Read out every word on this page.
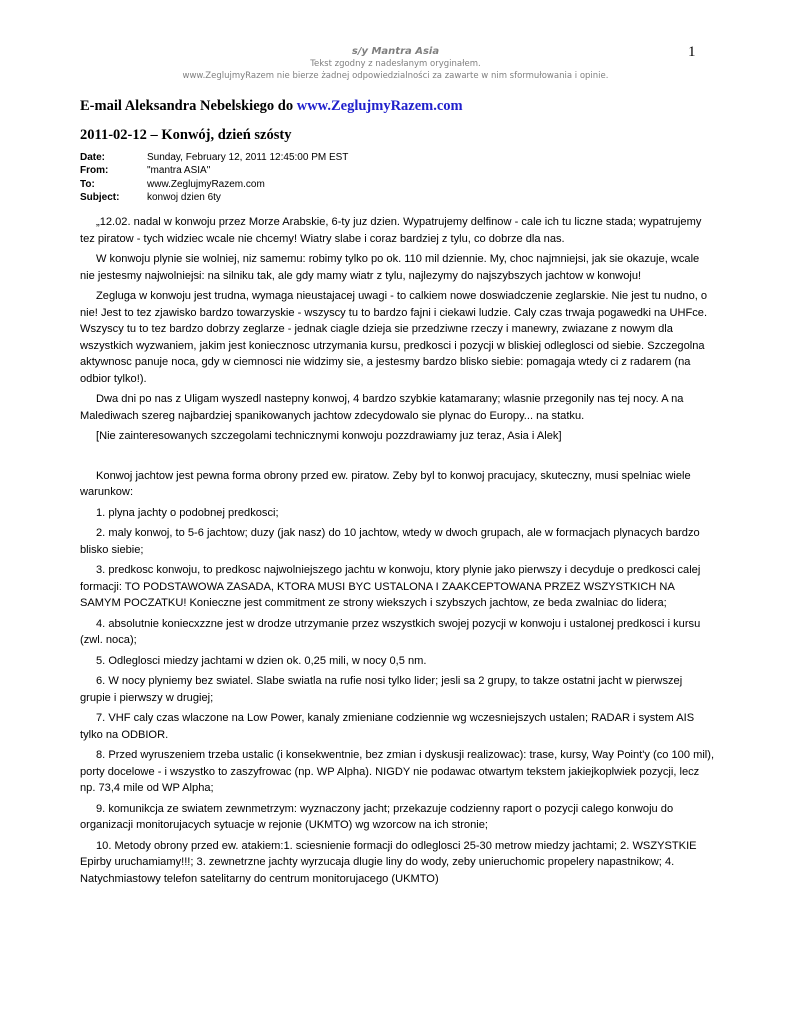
s/y Mantra Asia
Tekst zgodny z nadesłanym oryginałem.
www.ZeglujmyRazem nie bierze żadnej odpowiedzialności za zawarte w nim sformułowania i opinie.
1
E-mail Aleksandra Nebelskiego do www.ZeglujmyRazem.com
2011-02-12 – Konwój, dzień szósty
Date:	Sunday, February 12, 2011 12:45:00 PM EST
From:	"mantra ASIA"
To:	www.ZeglujmyRazem.com
Subject:	konwoj dzien 6ty

„12.02. nadal w konwoju przez Morze Arabskie, 6-ty juz dzien. Wypatrujemy delfinow - cale ich tu liczne stada; wypatrujemy tez piratow - tych widziec wcale nie chcemy! Wiatry slabe i coraz bardziej z tylu, co dobrze dla nas.

W konwoju plynie sie wolniej, niz samemu: robimy tylko po ok. 110 mil dziennie. My, choc najmniejsi, jak sie okazuje, wcale nie jestesmy najwolniejsi: na silniku tak, ale gdy mamy wiatr z tylu, najlezymy do najszybszych jachtow w konwoju!

Zegluga w konwoju jest trudna, wymaga nieustajacej uwagi - to calkiem nowe doswiadczenie zeglarskie. Nie jest tu nudno, o nie! Jest to tez zjawisko bardzo towarzyskie - wszyscy tu to bardzo fajni i ciekawi ludzie. Caly czas trwaja pogawedki na UHFce. Wszyscy tu to tez bardzo dobrzy zeglarze - jednak ciagle dzieja sie przedziwne rzeczy i manewry, zwiazane z nowym dla wszystkich wyzwaniem, jakim jest koniecznosc utrzymania kursu, predkosci i pozycji w bliskiej odleglosci od siebie. Szczegolna aktywnosc panuje noca, gdy w ciemnosci nie widzimy sie, a jestesmy bardzo blisko siebie: pomagaja wtedy ci z radarem (na odbior tylko!).

Dwa dni po nas z Uligam wyszedl nastepny konwoj, 4 bardzo szybkie katamarany; wlasnie przegonily nas tej nocy. A na Malediwach szereg najbardziej spanikowanych jachtow zdecydowalo sie plynac do Europy... na statku.

[Nie zainteresowanych szczegolami technicznymi konwoju pozzdrawiamy juz teraz, Asia i Alek]

Konwoj jachtow jest pewna forma obrony przed ew. piratow. Zeby byl to konwoj pracujacy, skuteczny, musi spelniac wiele warunkow:

1. plyna jachty o podobnej predkosci;

2. maly konwoj, to 5-6 jachtow; duzy (jak nasz) do 10 jachtow, wtedy w dwoch grupach, ale w formacjach plynacych bardzo blisko siebie;

3. predkosc konwoju, to predkosc najwolniejszego jachtu w konwoju, ktory plynie jako pierwszy i decyduje o predkosci calej formacji: TO PODSTAWOWA ZASADA, KTORA MUSI BYC USTALONA I ZAAKCEPTOWANA PRZEZ WSZYSTKICH NA SAMYM POCZATKU! Konieczne jest commitment ze strony wiekszych i szybszych jachtow, ze beda zwalniac do lidera;

4. absolutnie koniecxzzne jest w drodze utrzymanie przez wszystkich swojej pozycji w konwoju i ustalonej predkosci i kursu (zwl. noca);

5. Odleglosci miedzy jachtami w dzien ok. 0,25 mili, w nocy 0,5 nm.

6. W nocy plyniemy bez swiatel. Slabe swiatla na rufie nosi tylko lider; jesli sa 2 grupy, to takze ostatni jacht w pierwszej grupie i pierwszy w drugiej;

7. VHF caly czas wlaczone na Low Power, kanaly zmieniane codziennie wg wczesniejszych ustalen; RADAR i system AIS tylko na ODBIOR.

8. Przed wyruszeniem trzeba ustalic (i konsekwentnie, bez zmian i dyskusji realizowac): trase, kursy, Way Point'y (co 100 mil), porty docelowe - i wszystko to zaszyfrowac (np. WP Alpha). NIGDY nie podawac otwartym tekstem jakiejkoplwiek pozycji, lecz np. 73,4 mile od WP Alpha;

9. komunikcja ze swiatem zewnmetrzym: wyznaczony jacht; przekazuje codzienny raport o pozycji calego konwoju do organizacji monitorujacych sytuacje w rejonie (UKMTO) wg wzorcow na ich stronie;

10. Metody obrony przed ew. atakiem:1. sciesnienie formacji do odleglosci 25-30 metrow miedzy jachtami; 2. WSZYSTKIE Epirby uruchamiamy!!!; 3. zewnetrzne jachty wyrzucaja dlugie liny do wody, zeby unieruchomic propelery napastnikow; 4. Natychmiastowy telefon satelitarny do centrum monitorujacego (UKMTO)
